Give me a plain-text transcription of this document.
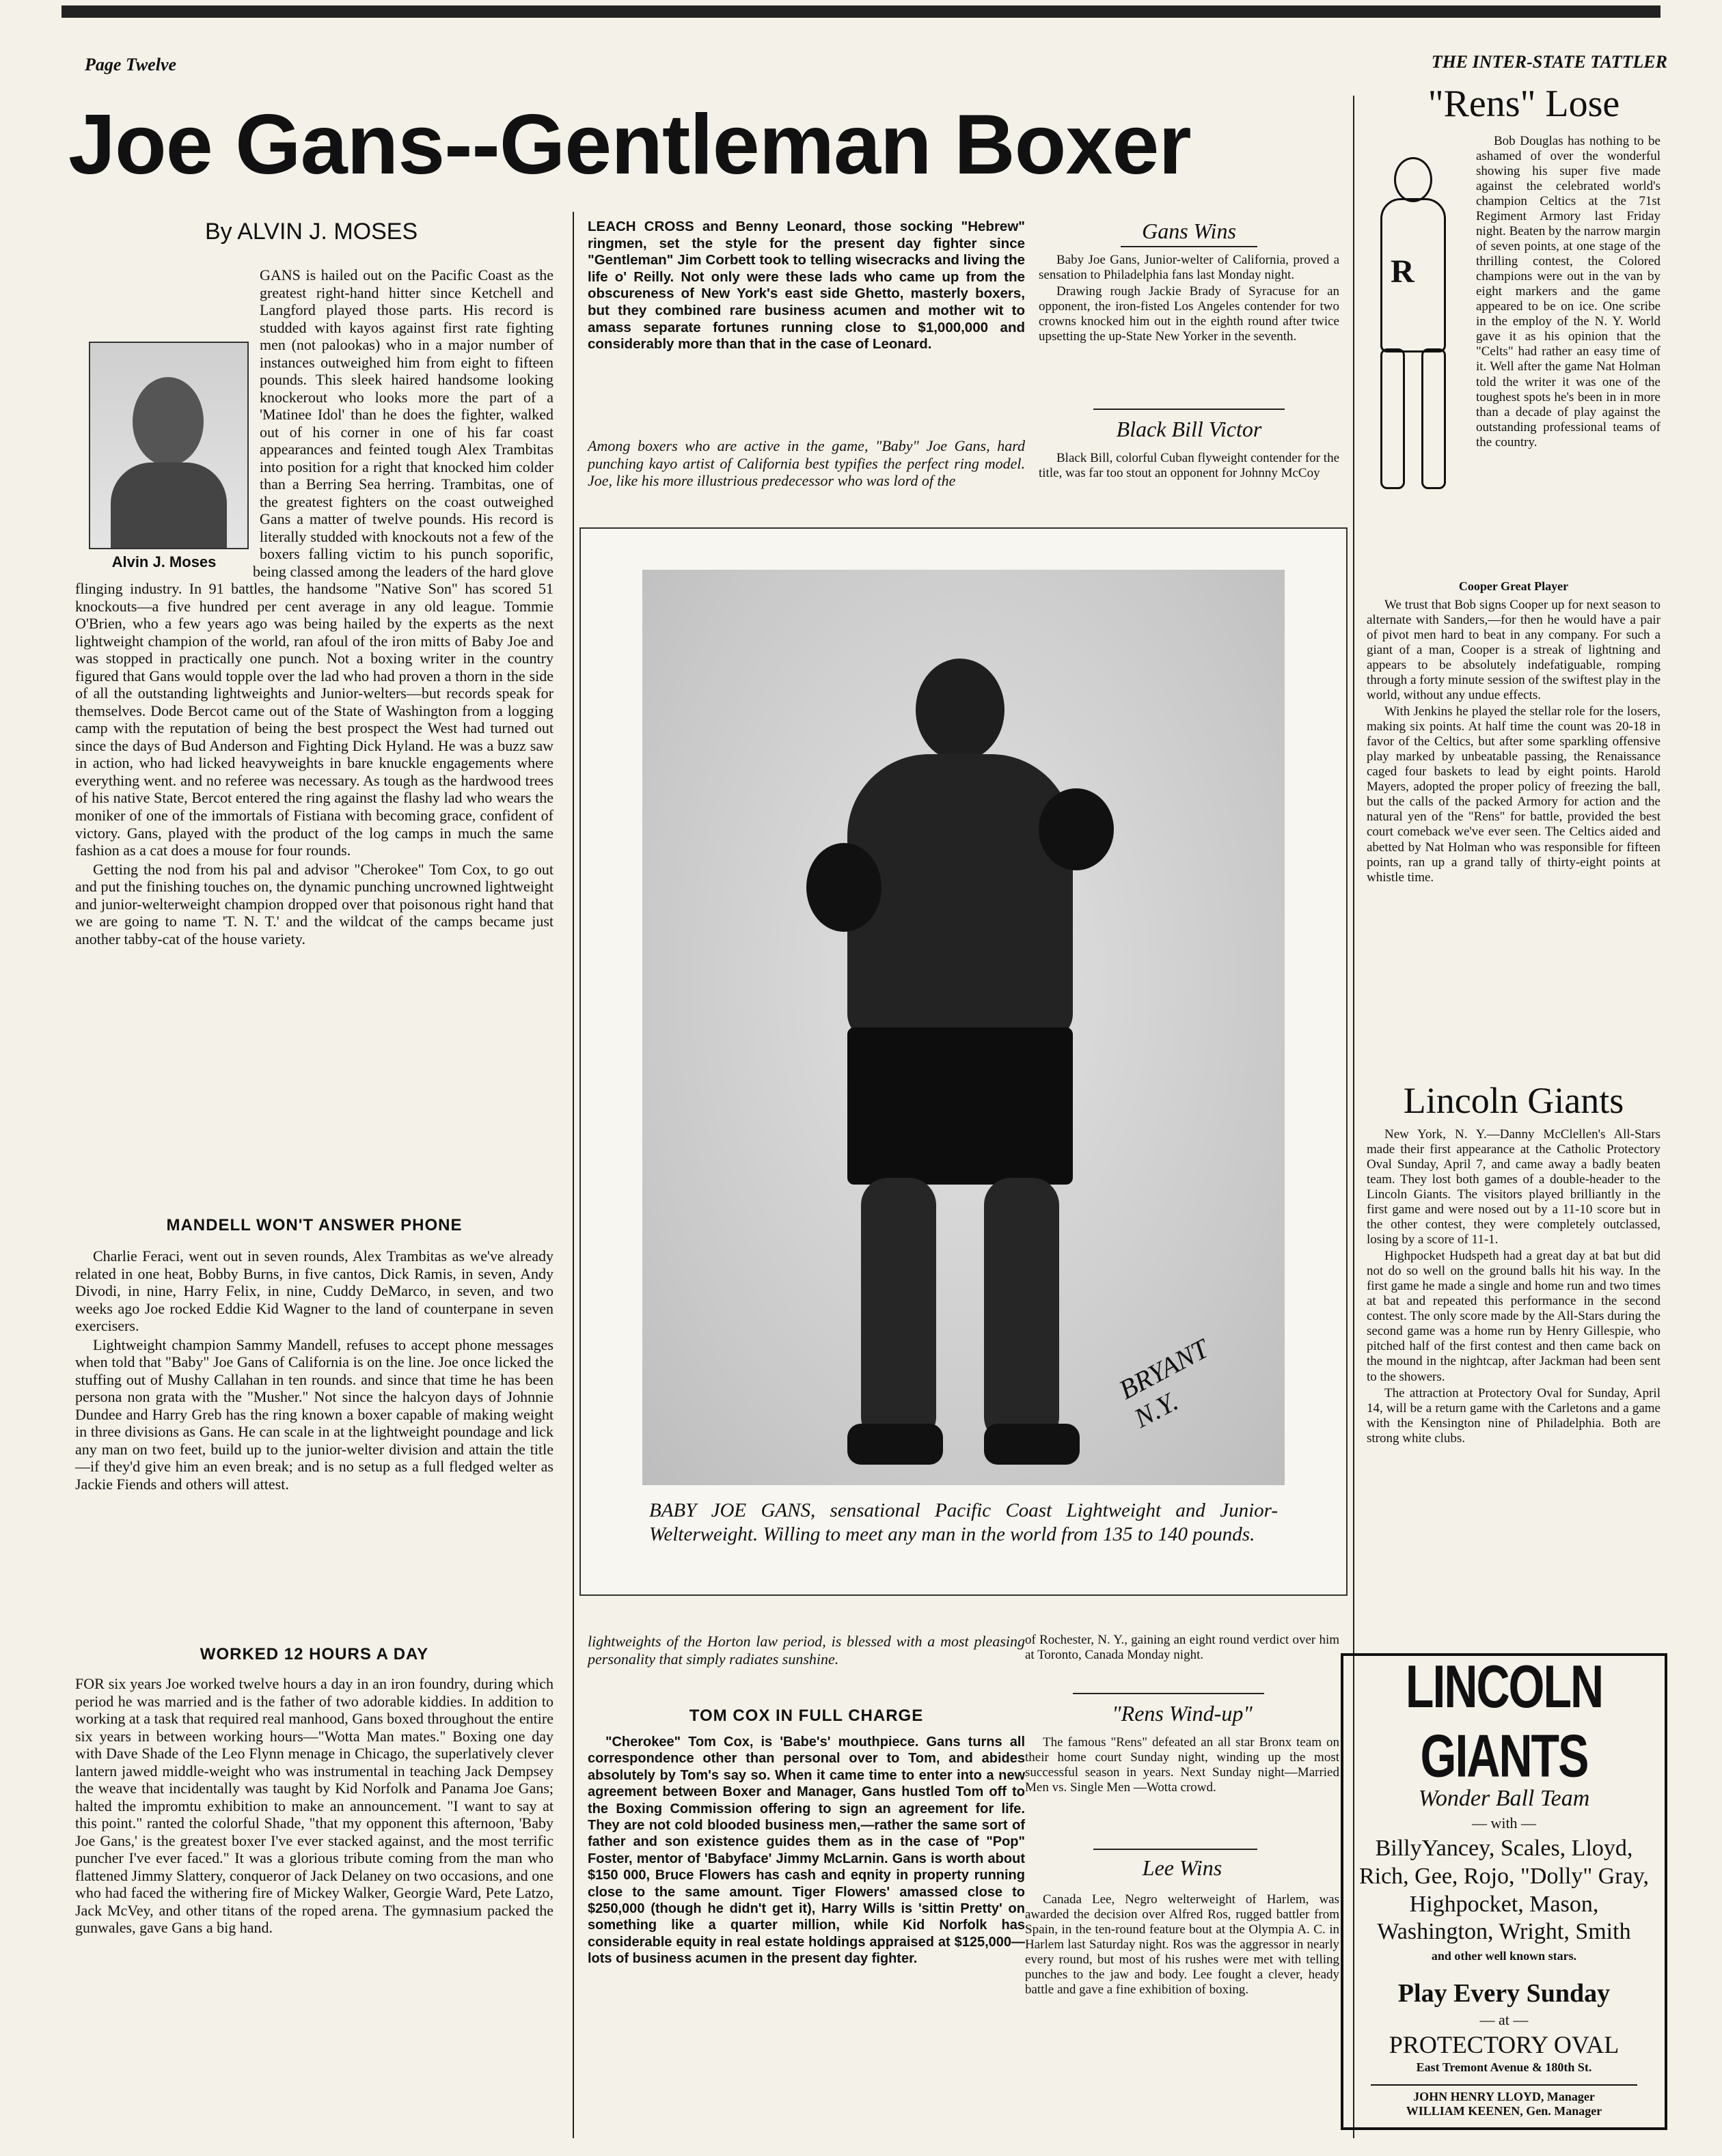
Page Twelve	THE INTER-STATE TATTLER
Joe Gans--Gentleman Boxer
By ALVIN J. MOSES
Alvin J. Moses

GANS is hailed out on the Pacific Coast as the greatest right-hand hitter since Ketchell and Langford played those parts. His record is studded with kayos against first rate fighting men (not palookas) who in a major number of instances outweighed him from eight to fifteen pounds. This sleek haired handsome looking knockerout who looks more the part of a 'Matinee Idol' than he does the fighter, walked out of his corner in one of his far coast appearances and feinted tough Alex Trambitas into position for a right that knocked him colder than a Berring Sea herring. Trambitas, one of the greatest fighters on the coast outweighed Gans a matter of twelve pounds. His record is literally studded with knockouts not a few of the boxers falling victim to his punch soporific, being classed among the leaders of the hard glove flinging industry. In 91 battles, the handsome "Native Son" has scored 51 knockouts—a five hundred per cent average in any old league. Tommie O'Brien, who a few years ago was being hailed by the experts as the next lightweight champion of the world, ran afoul of the iron mitts of Baby Joe and was stopped in practically one punch. Not a boxing writer in the country figured that Gans would topple over the lad who had proven a thorn in the side of all the outstanding lightweights and Junior-welters—but records speak for themselves. Dode Bercot came out of the State of Washington from a logging camp with the reputation of being the best prospect the West had turned out since the days of Bud Anderson and Fighting Dick Hyland. He was a buzz saw in action, who had licked heavyweights in bare knuckle engagements where everything went. and no referee was necessary. As tough as the hardwood trees of his native State, Bercot entered the ring against the flashy lad who wears the moniker of one of the immortals of Fistiana with becoming grace, confident of victory. Gans, played with the product of the log camps in much the same fashion as a cat does a mouse for four rounds.

Getting the nod from his pal and advisor "Cherokee" Tom Cox, to go out and put the finishing touches on, the dynamic punching uncrowned lightweight and junior-welterweight champion dropped over that poisonous right hand that we are going to name 'T. N. T.' and the wildcat of the camps became just another tabby-cat of the house variety.

MANDELL WON'T ANSWER PHONE

Charlie Feraci, went out in seven rounds, Alex Trambitas as we've already related in one heat, Bobby Burns, in five cantos, Dick Ramis, in seven, Andy Divodi, in nine, Harry Felix, in nine, Cuddy DeMarco, in seven, and two weeks ago Joe rocked Eddie Kid Wagner to the land of counterpane in seven exercisers.

Lightweight champion Sammy Mandell, refuses to accept phone messages when told that "Baby" Joe Gans of California is on the line. Joe once licked the stuffing out of Mushy Callahan in ten rounds. and since that time he has been persona non grata with the "Musher." Not since the halcyon days of Johnnie Dundee and Harry Greb has the ring known a boxer capable of making weight in three divisions as Gans. He can scale in at the lightweight poundage and lick any man on two feet, build up to the junior-welter division and attain the title—if they'd give him an even break; and is no setup as a full fledged welter as Jackie Fiends and others will attest.

WORKED 12 HOURS A DAY

FOR six years Joe worked twelve hours a day in an iron foundry, during which period he was married and is the father of two adorable kiddies. In addition to working at a task that required real manhood, Gans boxed throughout the entire six years in between working hours—"Wotta Man mates." Boxing one day with Dave Shade of the Leo Flynn menage in Chicago, the superlatively clever lantern jawed middle-weight who was instrumental in teaching Jack Dempsey the weave that incidentally was taught by Kid Norfolk and Panama Joe Gans; halted the impromtu exhibition to make an announcement. "I want to say at this point." ranted the colorful Shade, "that my opponent this afternoon, 'Baby Joe Gans,' is the greatest boxer I've ever stacked against, and the most terrific puncher I've ever faced." It was a glorious tribute coming from the man who flattened Jimmy Slattery, conqueror of Jack Delaney on two occasions, and one who had faced the withering fire of Mickey Walker, Georgie Ward, Pete Latzo, Jack McVey, and other titans of the roped arena. The gymnasium packed the gunwales, gave Gans a big hand.

LEACH CROSS and Benny Leonard, those socking "Hebrew" ringmen, set the style for the present day fighter since "Gentleman" Jim Corbett took to telling wisecracks and living the life o' Reilly. Not only were these lads who came up from the obscureness of New York's east side Ghetto, masterly boxers, but they combined rare business acumen and mother wit to amass separate fortunes running close to $1,000,000 and considerably more than that in the case of Leonard.
Among boxers who are active in the game, "Baby" Joe Gans, hard punching kayo artist of California best typifies the perfect ring model. Joe, like his more illustrious predecessor who was lord of the
Gans Wins

Baby Joe Gans, Junior-welter of California, proved a sensation to Philadelphia fans last Monday night.

Drawing rough Jackie Brady of Syracuse for an opponent, the iron-fisted Los Angeles contender for two crowns knocked him out in the eighth round after twice upsetting the up-State New Yorker in the seventh.

Black Bill Victor

Black Bill, colorful Cuban flyweight contender for the title, was far too stout an opponent for Johnny McCoy

BRYANT N.Y.
BABY JOE GANS, sensational Pacific Coast Lightweight and Junior-Welterweight. Willing to meet any man in the world from 135 to 140 pounds.
lightweights of the Horton law period, is blessed with a most pleasing personality that simply radiates sunshine.
TOM COX IN FULL CHARGE

"Cherokee" Tom Cox, is 'Babe's' mouthpiece. Gans turns all correspondence other than personal over to Tom, and abides absolutely by Tom's say so. When it came time to enter into a new agreement between Boxer and Manager, Gans hustled Tom off to the Boxing Commission offering to sign an agreement for life. They are not cold blooded business men,—rather the same sort of father and son existence guides them as in the case of "Pop" Foster, mentor of 'Babyface' Jimmy McLarnin. Gans is worth about $150 000, Bruce Flowers has cash and eqnity in property running close to the same amount. Tiger Flowers' amassed close to $250,000 (though he didn't get it), Harry Wills is 'sittin Pretty' on something like a quarter million, while Kid Norfolk has considerable equity in real estate holdings appraised at $125,000—lots of business acumen in the present day fighter.

of Rochester, N. Y., gaining an eight round verdict over him at Toronto, Canada Monday night.

"Rens Wind-up"

The famous "Rens" defeated an all star Bronx team on their home court Sunday night, winding up the most successful season in years. Next Sunday night—Married Men vs. Single Men —Wotta crowd.

Lee Wins

Canada Lee, Negro welterweight of Harlem, was awarded the decision over Alfred Ros, rugged battler from Spain, in the ten-round feature bout at the Olympia A. C. in Harlem last Saturday night. Ros was the aggressor in nearly every round, but most of his rushes were met with telling punches to the jaw and body. Lee fought a clever, heady battle and gave a fine exhibition of boxing.

"Rens" Lose
R

Bob Douglas has nothing to be ashamed of over the wonderful showing his super five made against the celebrated world's champion Celtics at the 71st Regiment Armory last Friday night. Beaten by the narrow margin of seven points, at one stage of the thrilling contest, the Colored champions were out in the van by eight markers and the game appeared to be on ice. One scribe in the employ of the N. Y. World gave it as his opinion that the "Celts" had rather an easy time of it. Well after the game Nat Holman told the writer it was one of the toughest spots he's been in in more than a decade of play against the outstanding professional teams of the country.

Cooper Great Player

We trust that Bob signs Cooper up for next season to alternate with Sanders,—for then he would have a pair of pivot men hard to beat in any company. For such a giant of a man, Cooper is a streak of lightning and appears to be absolutely indefatiguable, romping through a forty minute session of the swiftest play in the world, without any undue effects.

With Jenkins he played the stellar role for the losers, making six points. At half time the count was 20-18 in favor of the Celtics, but after some sparkling offensive play marked by unbeatable passing, the Renaissance caged four baskets to lead by eight points. Harold Mayers, adopted the proper policy of freezing the ball, but the calls of the packed Armory for action and the natural yen of the "Rens" for battle, provided the best court comeback we've ever seen. The Celtics aided and abetted by Nat Holman who was responsible for fifteen points, ran up a grand tally of thirty-eight points at whistle time.

Lincoln Giants

New York, N. Y.—Danny McClellen's All-Stars made their first appearance at the Catholic Protectory Oval Sunday, April 7, and came away a badly beaten team. They lost both games of a double-header to the Lincoln Giants. The visitors played brilliantly in the first game and were nosed out by a 11-10 score but in the other contest, they were completely outclassed, losing by a score of 11-1.

Highpocket Hudspeth had a great day at bat but did not do so well on the ground balls hit his way. In the first game he made a single and home run and two times at bat and repeated this performance in the second contest. The only score made by the All-Stars during the second game was a home run by Henry Gillespie, who pitched half of the first contest and then came back on the mound in the nightcap, after Jackman had been sent to the showers.

The attraction at Protectory Oval for Sunday, April 14, will be a return game with the Carletons and a game with the Kensington nine of Philadelphia. Both are strong white clubs.

LINCOLN GIANTS
Wonder Ball Team
— with —
BillyYancey, Scales, Lloyd, Rich, Gee, Rojo, "Dolly" Gray, Highpocket, Mason, Washington, Wright, Smith
and other well known stars.
Play Every Sunday
— at —
PROTECTORY OVAL
East Tremont Avenue & 180th St.
JOHN HENRY LLOYD, Manager
WILLIAM KEENEN, Gen. Manager
